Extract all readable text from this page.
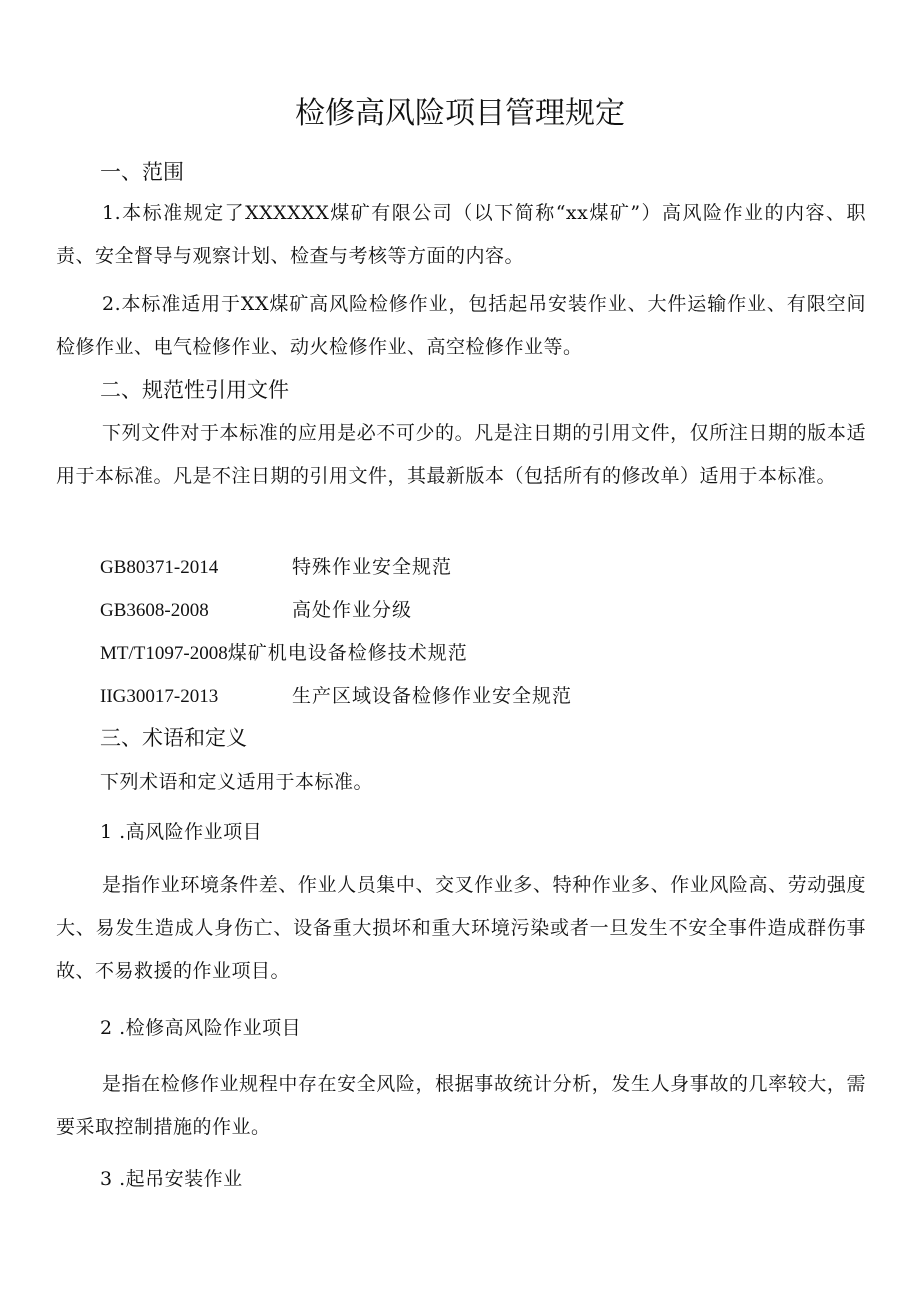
检修高风险项目管理规定
一、范围

1.本标准规定了XXXXXX煤矿有限公司（以下简称“xx煤矿”）高风险作业的内容、职责、安全督导与观察计划、检查与考核等方面的内容。

2.本标准适用于XX煤矿高风险检修作业，包括起吊安装作业、大件运输作业、有限空间检修作业、电气检修作业、动火检修作业、高空检修作业等。

二、规范性引用文件

下列文件对于本标准的应用是必不可少的。凡是注日期的引用文件，仅所注日期的版本适用于本标准。凡是不注日期的引用文件，其最新版本（包括所有的修改单）适用于本标准。

GB80371-2014	特殊作业安全规范
GB3608-2008	高处作业分级
MT/T1097-2008煤矿机电设备检修技术规范
IIG30017-2013	生产区域设备检修作业安全规范
三、术语和定义
下列术语和定义适用于本标准。
1 .高风险作业项目

是指作业环境条件差、作业人员集中、交叉作业多、特种作业多、作业风险高、劳动强度大、易发生造成人身伤亡、设备重大损坏和重大环境污染或者一旦发生不安全事件造成群伤事故、不易救援的作业项目。

2 .检修高风险作业项目

是指在检修作业规程中存在安全风险，根据事故统计分析，发生人身事故的几率较大，需要采取控制措施的作业。

3 .起吊安装作业
